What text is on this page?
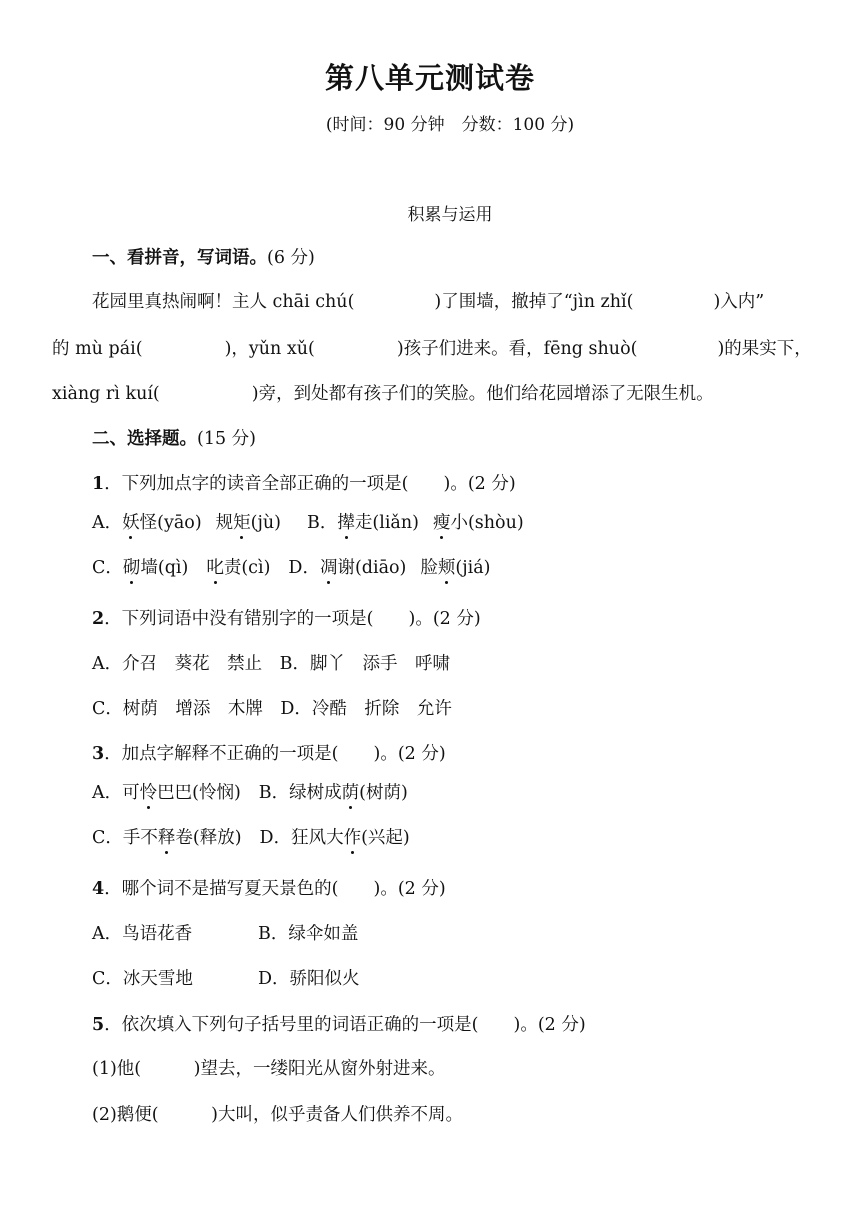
第八单元测试卷
(时间：90 分钟　分数：100 分)
积累与运用
一、看拼音，写词语。(6 分)
花园里真热闹啊！主人 chāi chú(	)了围墙，撤掉了“jìn zhǐ(	)入内”
的 mù pái(	)，yǔn xǔ(	)孩子们进来。看，fēng shuò(	)的果实下，
xiàng rì kuí(	)旁，到处都有孩子们的笑脸。他们给花园增添了无限生机。
二、选择题。(15 分)
1．下列加点字的读音全部正确的一项是(　　)。(2 分)
A．妖怪(yāo) 规矩(jù) B．撵走(liǎn) 瘦小(shòu)
C．砌墙(qì) 叱责(cì) D．凋谢(diāo) 脸颊(jiá)
2．下列词语中没有错别字的一项是(　　)。(2 分)
A．介召　葵花　禁止　B．脚丫　添手　呼啸
C．树荫　增添　木牌　D．冷酷　折除　允许
3．加点字解释不正确的一项是(　　)。(2 分)
A．可怜巴巴(怜悯) B．绿树成荫(树荫)
C．手不释卷(释放) D．狂风大作(兴起)
4．哪个词不是描写夏天景色的(　　)。(2 分)
A．鸟语花香	B．绿伞如盖
C．冰天雪地	D．骄阳似火
5．依次填入下列句子括号里的词语正确的一项是(　　)。(2 分)
(1)他(　　　)望去，一缕阳光从窗外射进来。
(2)鹅便(　　　)大叫，似乎责备人们供养不周。
